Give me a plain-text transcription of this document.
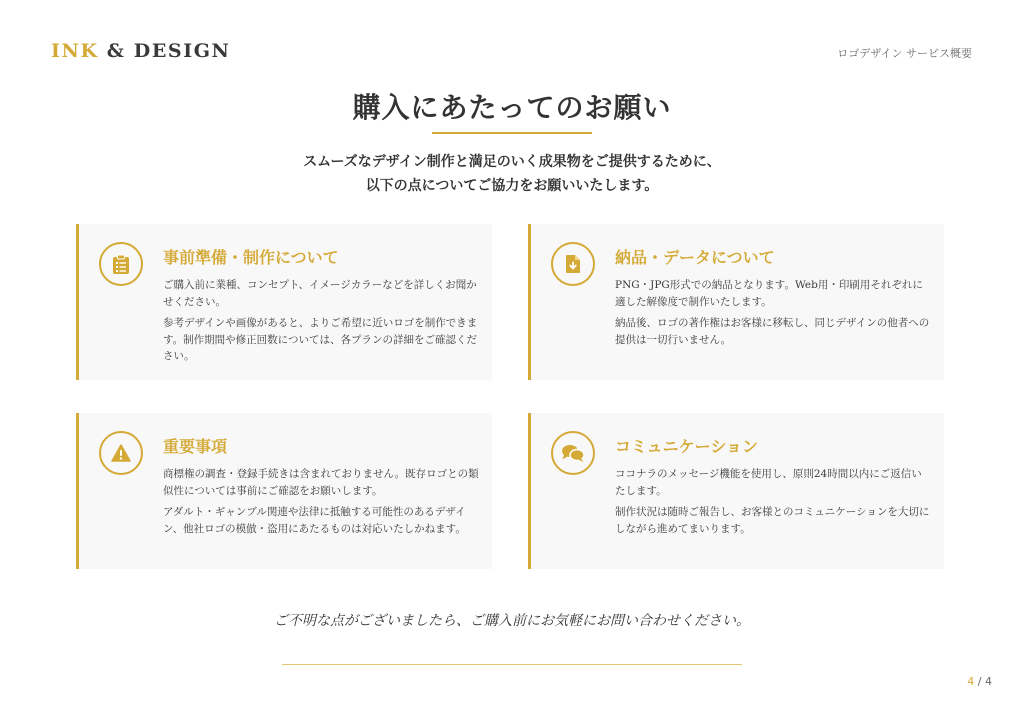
INK & DESIGN	ロゴデザイン サービス概要
購入にあたってのお願い
スムーズなデザイン制作と満足のいく成果物をご提供するために、
以下の点についてご協力をお願いいたします。
事前準備・制作について

ご購入前に業種、コンセプト、イメージカラーなどを詳しくお聞かせください。

参考デザインや画像があると、よりご希望に近いロゴを制作できます。制作期間や修正回数については、各プランの詳細をご確認ください。

納品・データについて

PNG・JPG形式での納品となります。Web用・印刷用それぞれに適した解像度で制作いたします。

納品後、ロゴの著作権はお客様に移転し、同じデザインの他者への提供は一切行いません。

重要事項

商標権の調査・登録手続きは含まれておりません。既存ロゴとの類似性については事前にご確認をお願いします。

アダルト・ギャンブル関連や法律に抵触する可能性のあるデザイン、他社ロゴの模倣・盗用にあたるものは対応いたしかねます。

コミュニケーション

ココナラのメッセージ機能を使用し、原則24時間以内にご返信いたします。

制作状況は随時ご報告し、お客様とのコミュニケーションを大切にしながら進めてまいります。

ご不明な点がございましたら、ご購入前にお気軽にお問い合わせください。
4 / 4
